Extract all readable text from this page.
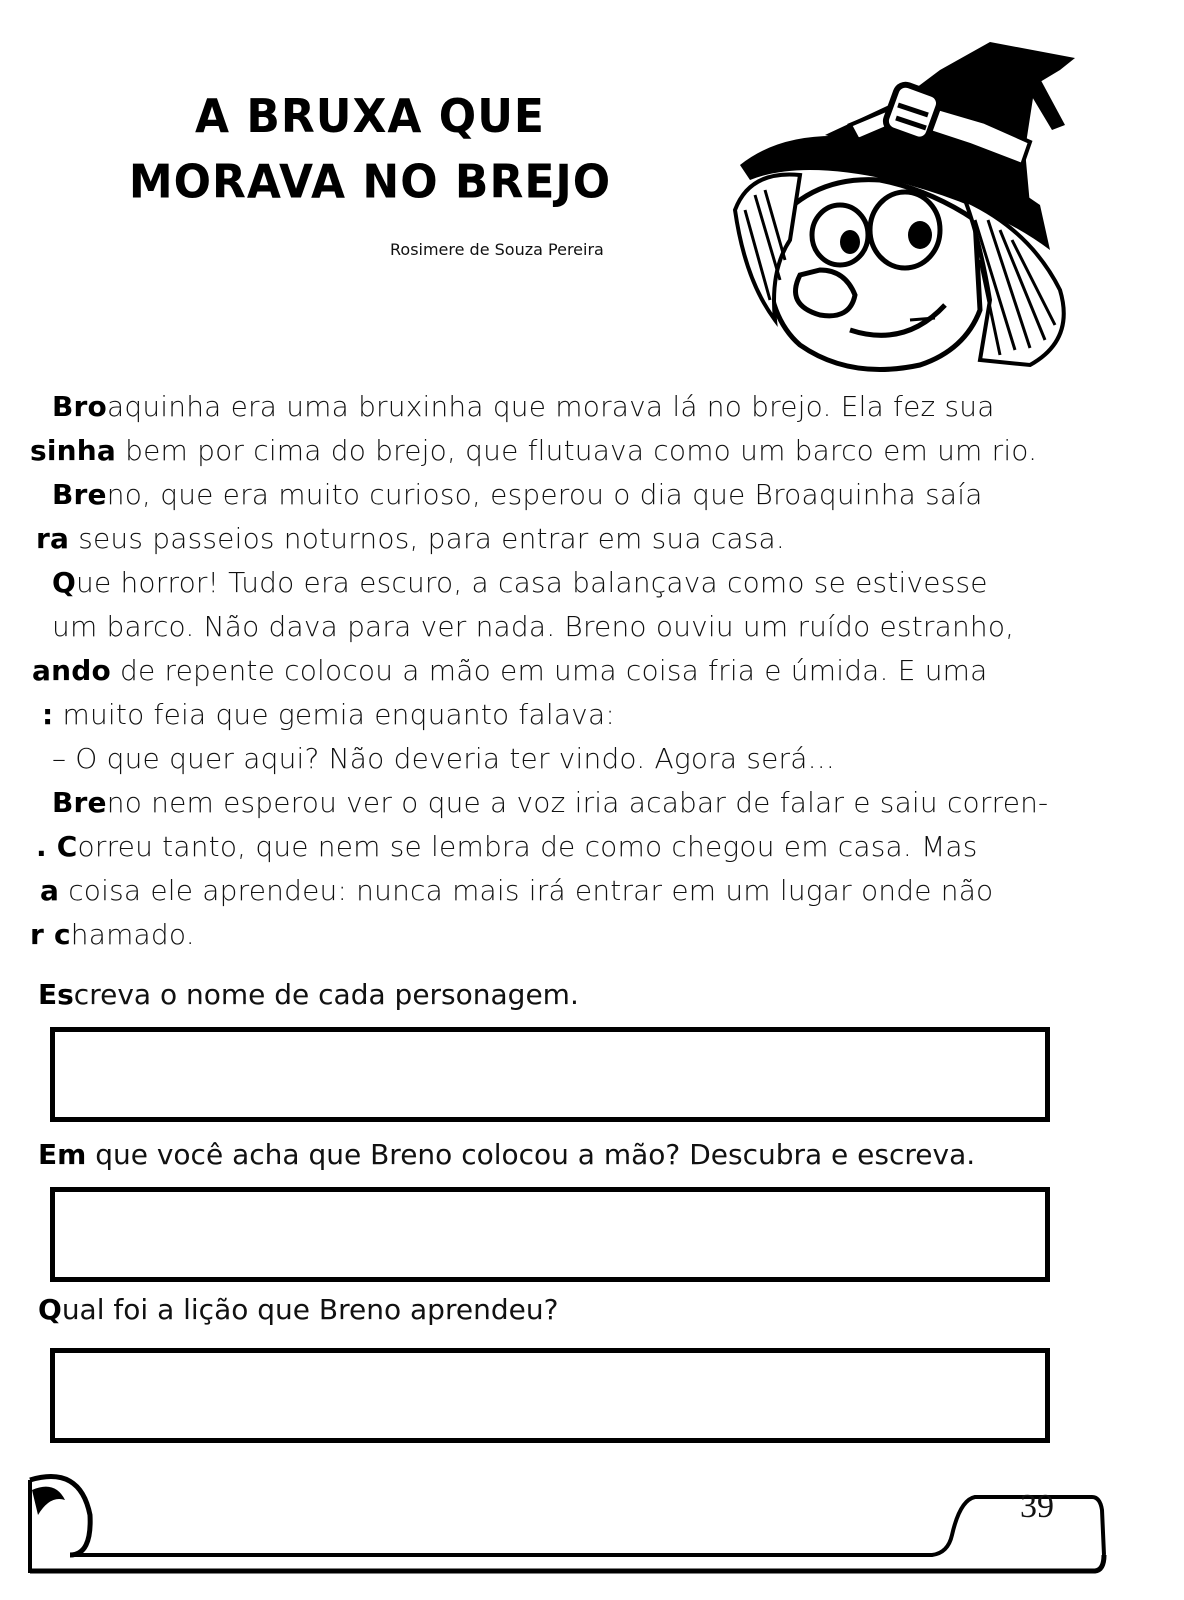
A BRUXA QUE
MORAVA NO BREJO
Rosimere de Souza Pereira
Broaquinha era uma bruxinha que morava lá no brejo. Ela fez sua
sinha bem por cima do brejo, que flutuava como um barco em um rio.
Breno, que era muito curioso, esperou o dia que Broaquinha saía
ra seus passeios noturnos, para entrar em sua casa.
Que horror! Tudo era escuro, a casa balançava como se estivesse
um barco. Não dava para ver nada. Breno ouviu um ruído estranho,
ando de repente colocou a mão em uma coisa fria e úmida. E uma
: muito feia que gemia enquanto falava:
– O que quer aqui? Não deveria ter vindo. Agora será...
Breno nem esperou ver o que a voz iria acabar de falar e saiu corren-
. Correu tanto, que nem se lembra de como chegou em casa. Mas
a coisa ele aprendeu: nunca mais irá entrar em um lugar onde não
r chamado.
Escreva o nome de cada personagem.
Em que você acha que Breno colocou a mão? Descubra e escreva.
Qual foi a lição que Breno aprendeu?
39
